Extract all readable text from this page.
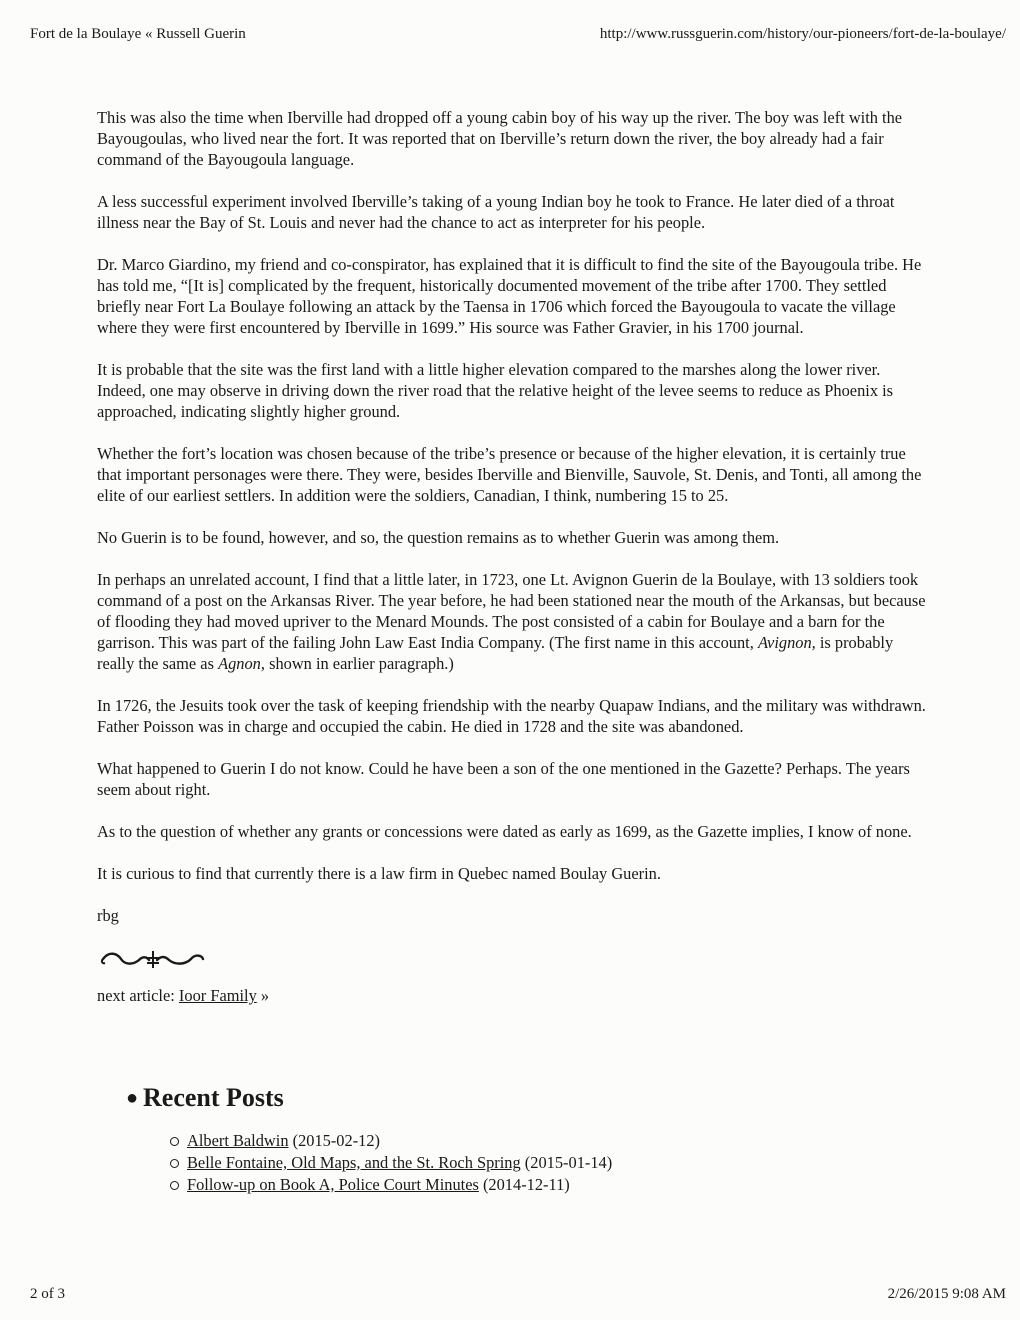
Fort de la Boulaye « Russell Guerin	http://www.russguerin.com/history/our-pioneers/fort-de-la-boulaye/

This was also the time when Iberville had dropped off a young cabin boy of his way up the river. The boy was left with the Bayougoulas, who lived near the fort. It was reported that on Iberville’s return down the river, the boy already had a fair command of the Bayougoula language.

A less successful experiment involved Iberville’s taking of a young Indian boy he took to France. He later died of a throat illness near the Bay of St. Louis and never had the chance to act as interpreter for his people.

Dr. Marco Giardino, my friend and co-conspirator, has explained that it is difficult to find the site of the Bayougoula tribe. He has told me, “[It is] complicated by the frequent, historically documented movement of the tribe after 1700. They settled briefly near Fort La Boulaye following an attack by the Taensa in 1706 which forced the Bayougoula to vacate the village where they were first encountered by Iberville in 1699.” His source was Father Gravier, in his 1700 journal.

It is probable that the site was the first land with a little higher elevation compared to the marshes along the lower river. Indeed, one may observe in driving down the river road that the relative height of the levee seems to reduce as Phoenix is approached, indicating slightly higher ground.

Whether the fort’s location was chosen because of the tribe’s presence or because of the higher elevation, it is certainly true that important personages were there. They were, besides Iberville and Bienville, Sauvole, St. Denis, and Tonti, all among the elite of our earliest settlers. In addition were the soldiers, Canadian, I think, numbering 15 to 25.

No Guerin is to be found, however, and so, the question remains as to whether Guerin was among them.

In perhaps an unrelated account, I find that a little later, in 1723, one Lt. Avignon Guerin de la Boulaye, with 13 soldiers took command of a post on the Arkansas River. The year before, he had been stationed near the mouth of the Arkansas, but because of flooding they had moved upriver to the Menard Mounds. The post consisted of a cabin for Boulaye and a barn for the garrison. This was part of the failing John Law East India Company. (The first name in this account, Avignon, is probably really the same as Agnon, shown in earlier paragraph.)

In 1726, the Jesuits took over the task of keeping friendship with the nearby Quapaw Indians, and the military was withdrawn. Father Poisson was in charge and occupied the cabin. He died in 1728 and the site was abandoned.

What happened to Guerin I do not know. Could he have been a son of the one mentioned in the Gazette? Perhaps. The years seem about right.

As to the question of whether any grants or concessions were dated as early as 1699, as the Gazette implies, I know of none.

It is curious to find that currently there is a law firm in Quebec named Boulay Guerin.

rbg

next article: Ioor Family »

● Recent Posts
Albert Baldwin (2015-02-12)
Belle Fontaine, Old Maps, and the St. Roch Spring (2015-01-14)
Follow-up on Book A, Police Court Minutes (2014-12-11)
2 of 3	2/26/2015 9:08 AM
